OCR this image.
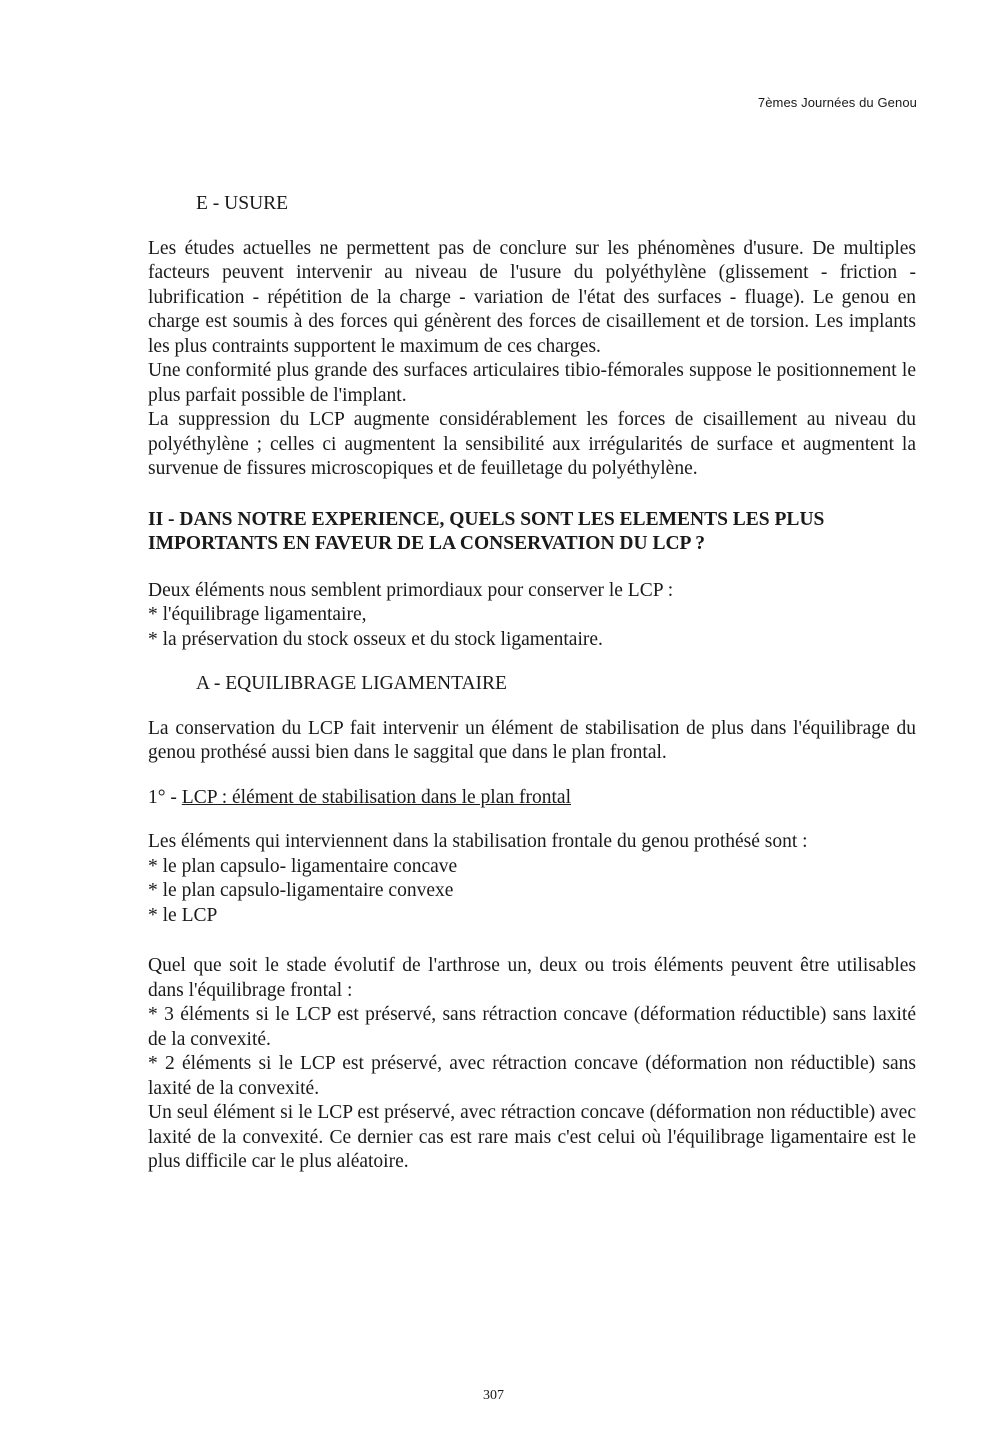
7èmes Journées du Genou
E - USURE

Les études actuelles ne permettent pas de conclure sur les phénomènes d'usure. De multiples facteurs peuvent intervenir au niveau de l'usure du polyéthylène (glissement - friction - lubrification - répétition de la charge - variation de l'état des surfaces - fluage). Le genou en charge est soumis à des forces qui génèrent des forces de cisaillement et de torsion. Les implants les plus contraints supportent le maximum de ces charges.

Une conformité plus grande des surfaces articulaires tibio-fémorales suppose le positionnement le plus parfait possible de l'implant.

La suppression du LCP augmente considérablement les forces de cisaillement au niveau du polyéthylène ; celles ci augmentent la sensibilité aux irrégularités de surface et augmentent la survenue de fissures microscopiques et de feuilletage du polyéthylène.

II - DANS NOTRE EXPERIENCE, QUELS SONT LES ELEMENTS LES PLUS
IMPORTANTS EN FAVEUR DE LA CONSERVATION DU LCP ?
Deux éléments nous semblent primordiaux pour conserver le LCP :
* l'équilibrage ligamentaire,
* la préservation du stock osseux et du stock ligamentaire.
A - EQUILIBRAGE LIGAMENTAIRE

La conservation du LCP fait intervenir un élément de stabilisation de plus dans l'équilibrage du genou prothésé aussi bien dans le saggital que dans le plan frontal.

1° - LCP : élément de stabilisation dans le plan frontal

Les éléments qui interviennent dans la stabilisation frontale du genou prothésé sont :

* le plan capsulo- ligamentaire concave
* le plan capsulo-ligamentaire convexe
* le LCP

Quel que soit le stade évolutif de l'arthrose un, deux ou trois éléments peuvent être utilisables dans l'équilibrage frontal :

* 3 éléments si le LCP est préservé, sans rétraction concave (déformation réductible) sans laxité de la convexité.

* 2 éléments si le LCP est préservé, avec rétraction concave (déformation non réductible) sans laxité de la convexité.

Un seul élément si le LCP est préservé, avec rétraction concave (déformation non réductible) avec laxité de la convexité. Ce dernier cas est rare mais c'est celui où l'équilibrage ligamentaire est le plus difficile car le plus aléatoire.

307
